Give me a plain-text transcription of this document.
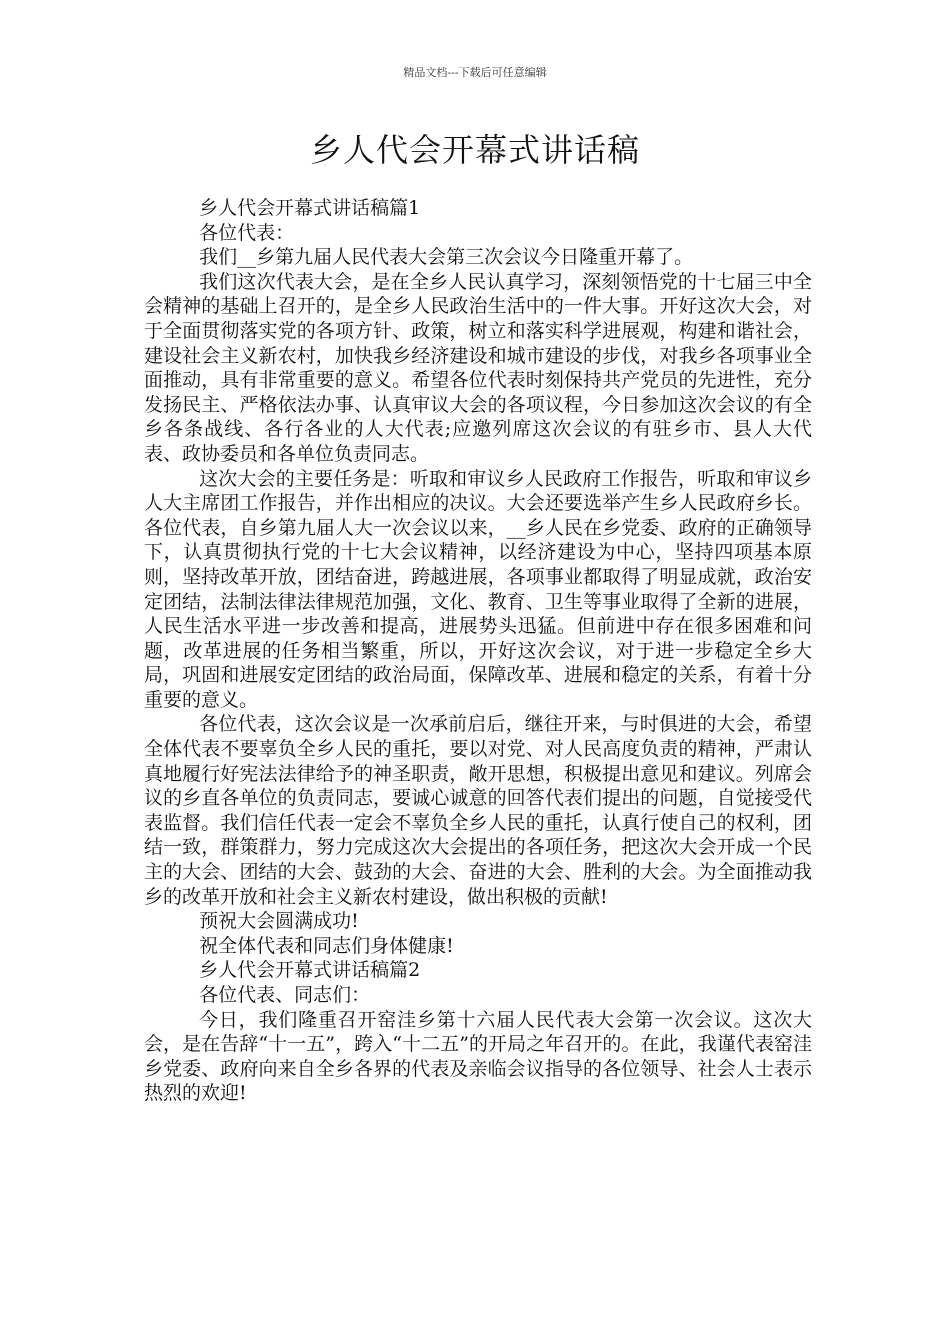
精品文档---下载后可任意编辑
乡人代会开幕式讲话稿

乡人代会开幕式讲话稿篇1

各位代表：

我们__乡第九届人民代表大会第三次会议今日隆重开幕了。

我们这次代表大会，是在全乡人民认真学习，深刻领悟党的十七届三中全会精神的基础上召开的，是全乡人民政治生活中的一件大事。开好这次大会，对于全面贯彻落实党的各项方针、政策，树立和落实科学进展观，构建和谐社会，建设社会主义新农村，加快我乡经济建设和城市建设的步伐，对我乡各项事业全面推动，具有非常重要的意义。希望各位代表时刻保持共产党员的先进性，充分发扬民主、严格依法办事、认真审议大会的各项议程，今日参加这次会议的有全乡各条战线、各行各业的人大代表;应邀列席这次会议的有驻乡市、县人大代表、政协委员和各单位负责同志。

这次大会的主要任务是：听取和审议乡人民政府工作报告，听取和审议乡人大主席团工作报告，并作出相应的决议。大会还要选举产生乡人民政府乡长。各位代表，自乡第九届人大一次会议以来，__乡人民在乡党委、政府的正确领导下，认真贯彻执行党的十七大会议精神，以经济建设为中心，坚持四项基本原则，坚持改革开放，团结奋进，跨越进展，各项事业都取得了明显成就，政治安定团结，法制法律法律规范加强，文化、教育、卫生等事业取得了全新的进展，人民生活水平进一步改善和提高，进展势头迅猛。但前进中存在很多困难和问题，改革进展的任务相当繁重，所以，开好这次会议，对于进一步稳定全乡大局，巩固和进展安定团结的政治局面，保障改革、进展和稳定的关系，有着十分重要的意义。

各位代表，这次会议是一次承前启后，继往开来，与时俱进的大会，希望全体代表不要辜负全乡人民的重托，要以对党、对人民高度负责的精神，严肃认真地履行好宪法法律给予的神圣职责，敞开思想，积极提出意见和建议。列席会议的乡直各单位的负责同志，要诚心诚意的回答代表们提出的问题，自觉接受代表监督。我们信任代表一定会不辜负全乡人民的重托，认真行使自己的权利，团结一致，群策群力，努力完成这次大会提出的各项任务，把这次大会开成一个民主的大会、团结的大会、鼓劲的大会、奋进的大会、胜利的大会。为全面推动我乡的改革开放和社会主义新农村建设，做出积极的贡献!

预祝大会圆满成功!

祝全体代表和同志们身体健康!

乡人代会开幕式讲话稿篇2

各位代表、同志们：

今日，我们隆重召开窑洼乡第十六届人民代表大会第一次会议。这次大会，是在告辞“十一五”，跨入“十二五”的开局之年召开的。在此，我谨代表窑洼乡党委、政府向来自全乡各界的代表及亲临会议指导的各位领导、社会人士表示热烈的欢迎!
